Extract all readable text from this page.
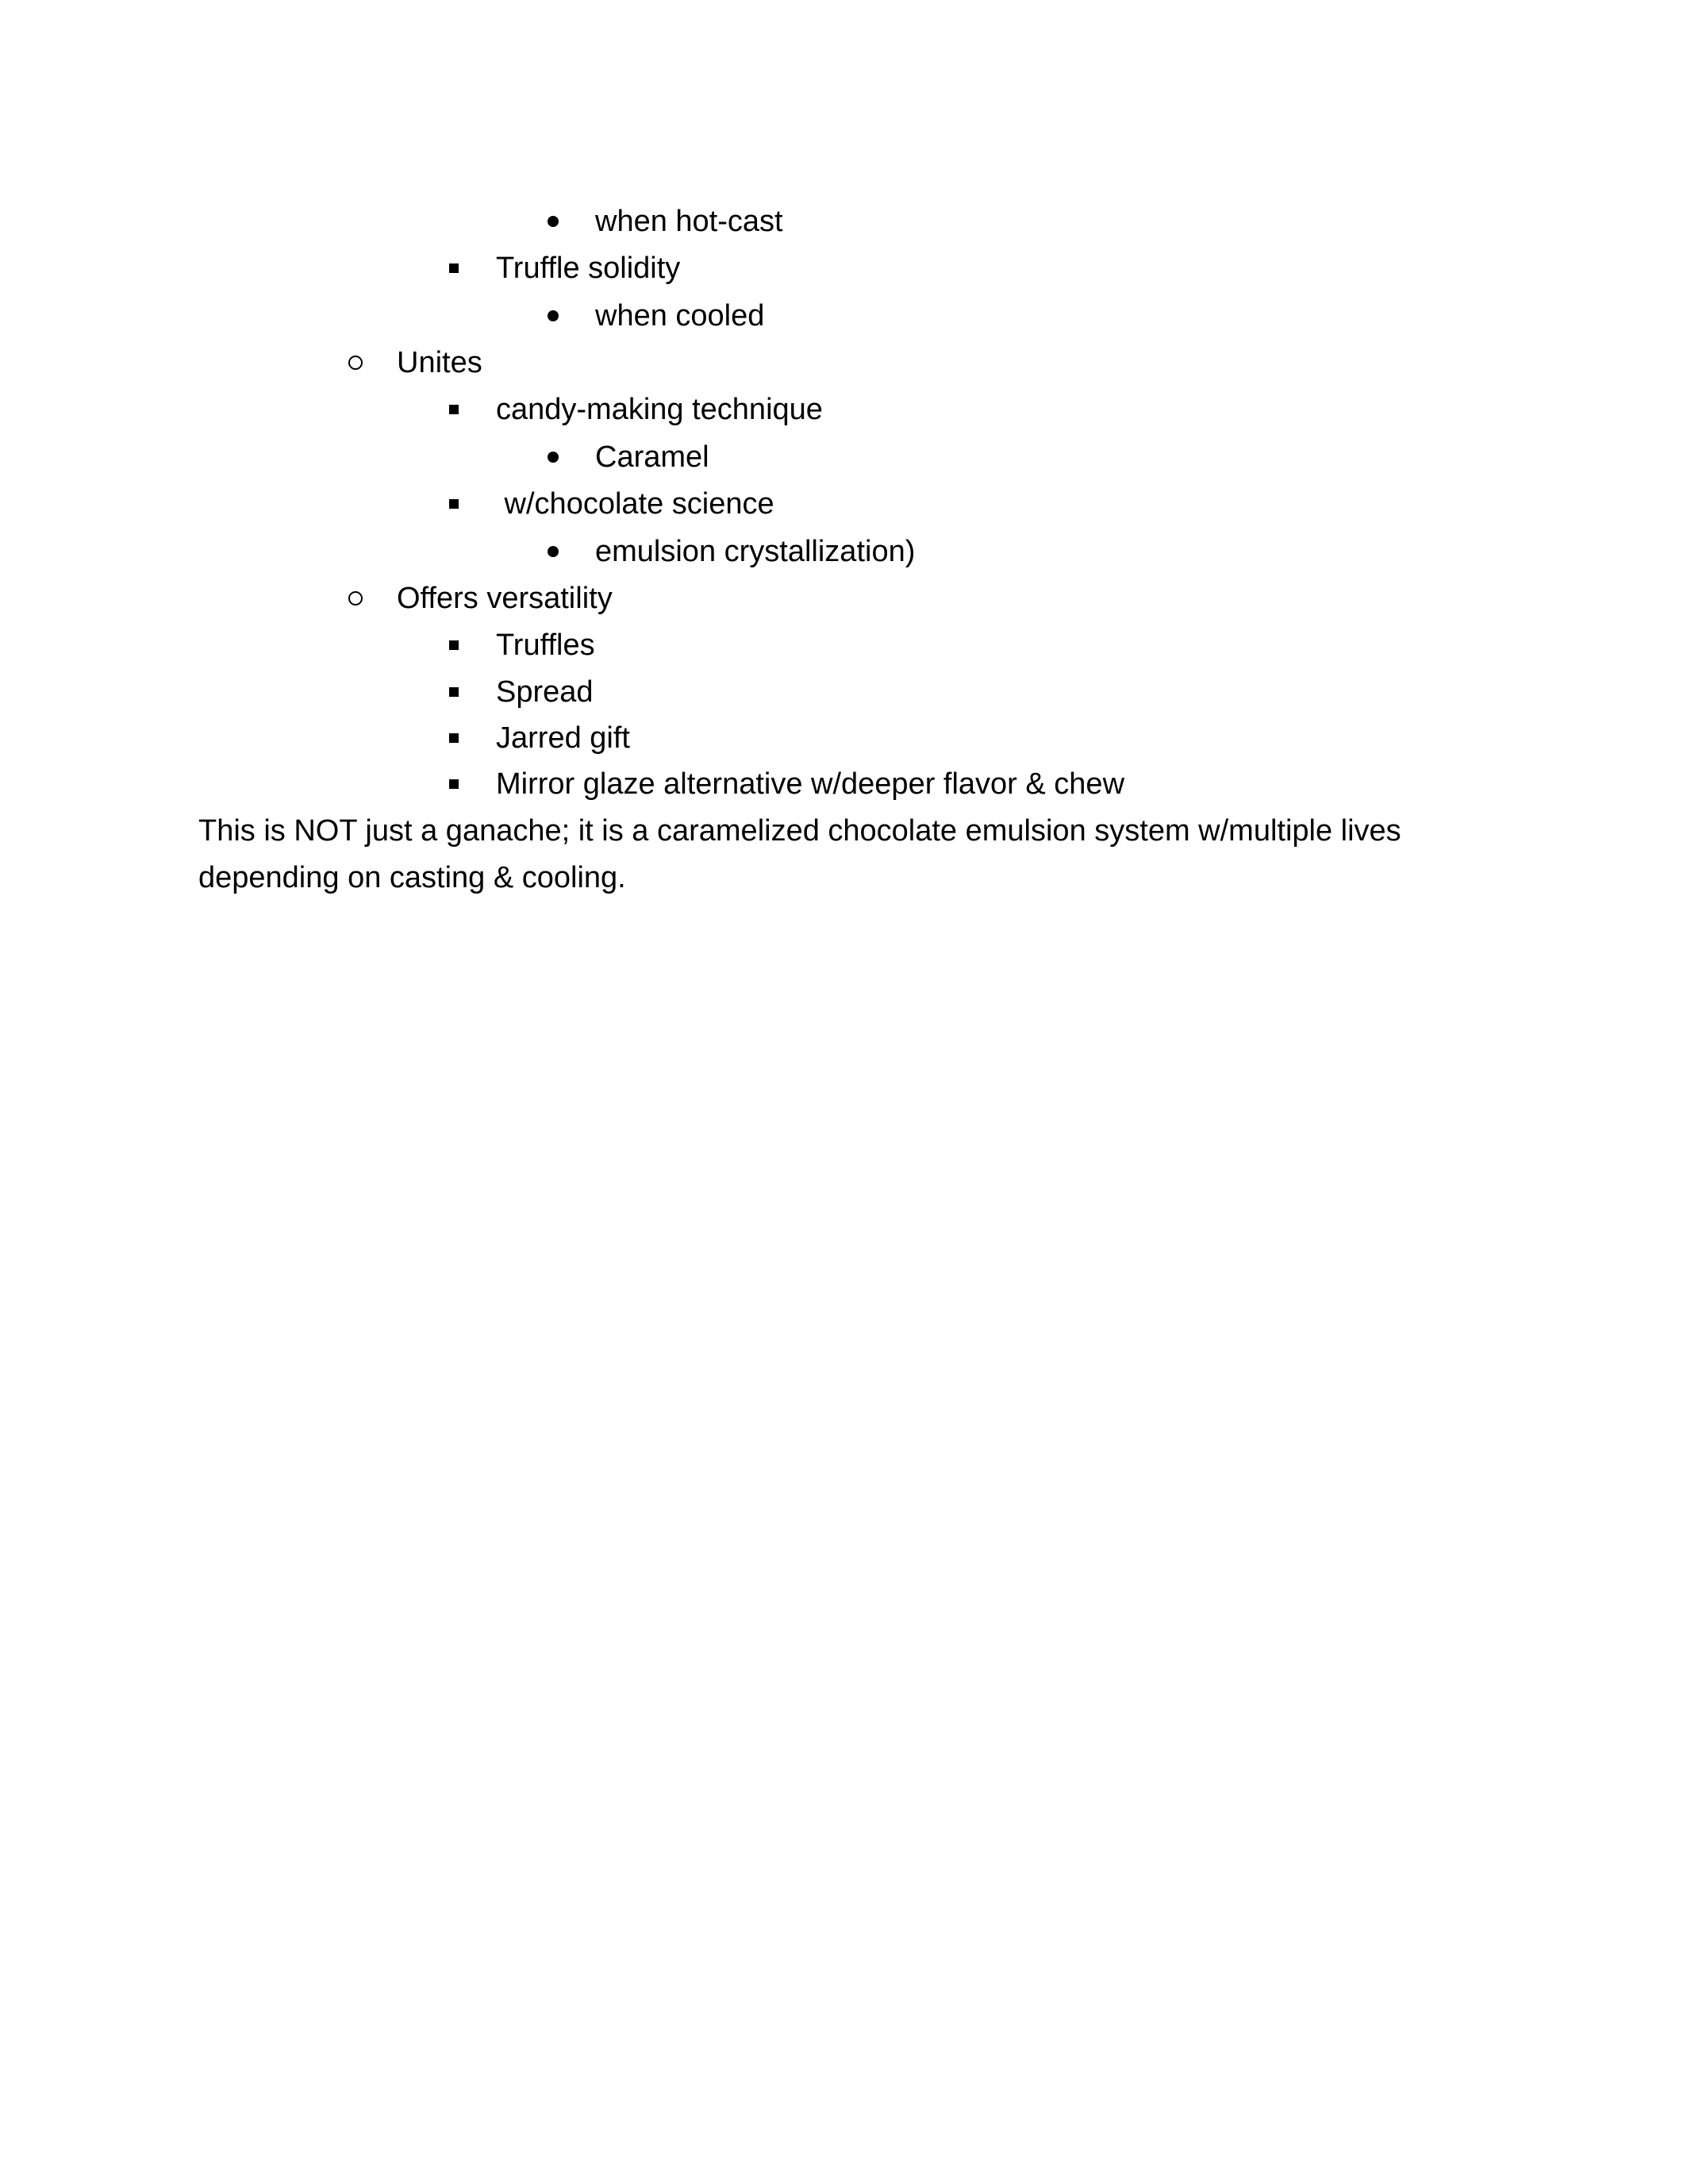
when hot-cast
Truffle solidity
when cooled
Unites
candy-making technique
Caramel
w/chocolate science
emulsion crystallization)
Offers versatility
Truffles
Spread
Jarred gift
Mirror glaze alternative w/deeper flavor & chew

This is NOT just a ganache; it is a caramelized chocolate emulsion system w/multiple lives depending on casting & cooling.
